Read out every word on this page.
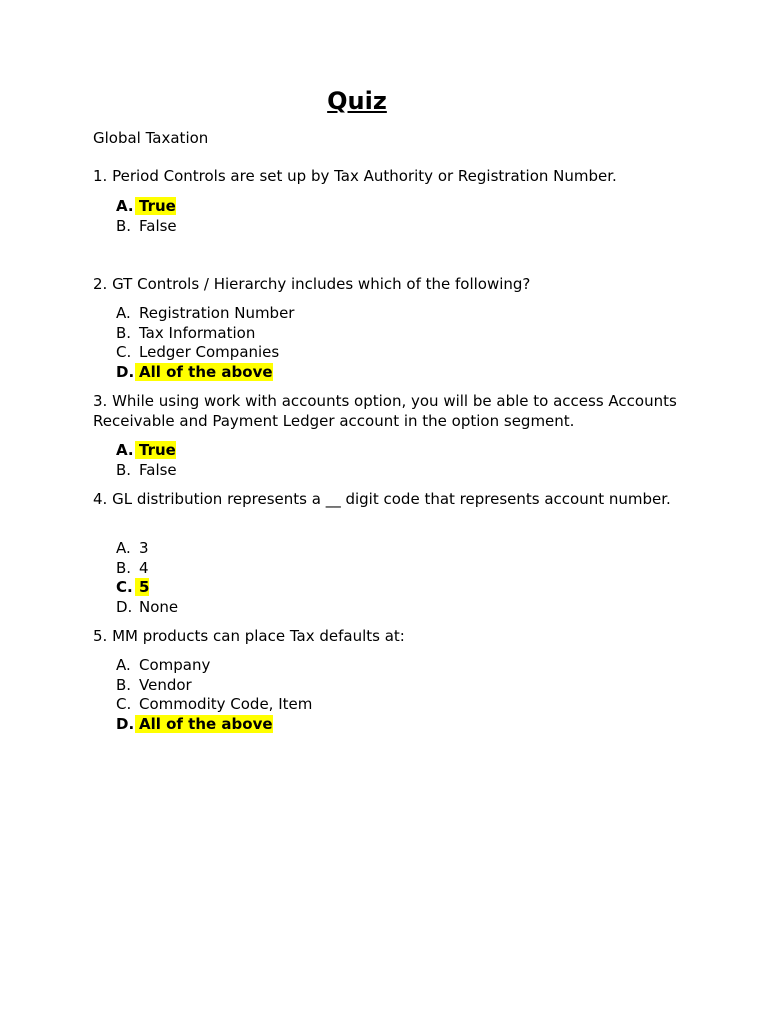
Quiz
Global Taxation
1. Period Controls are set up by Tax Authority or Registration Number.
A. True
B. False
2. GT Controls / Hierarchy includes which of the following?
A. Registration Number
B. Tax Information
C. Ledger Companies
D. All of the above
3. While using work with accounts option, you will be able to access Accounts Receivable and Payment Ledger account in the option segment.
A. True
B. False
4. GL distribution represents a __ digit code that represents account number.
A. 3
B. 4
C. 5
D. None
5. MM products can place Tax defaults at:
A. Company
B. Vendor
C. Commodity Code, Item
D. All of the above
